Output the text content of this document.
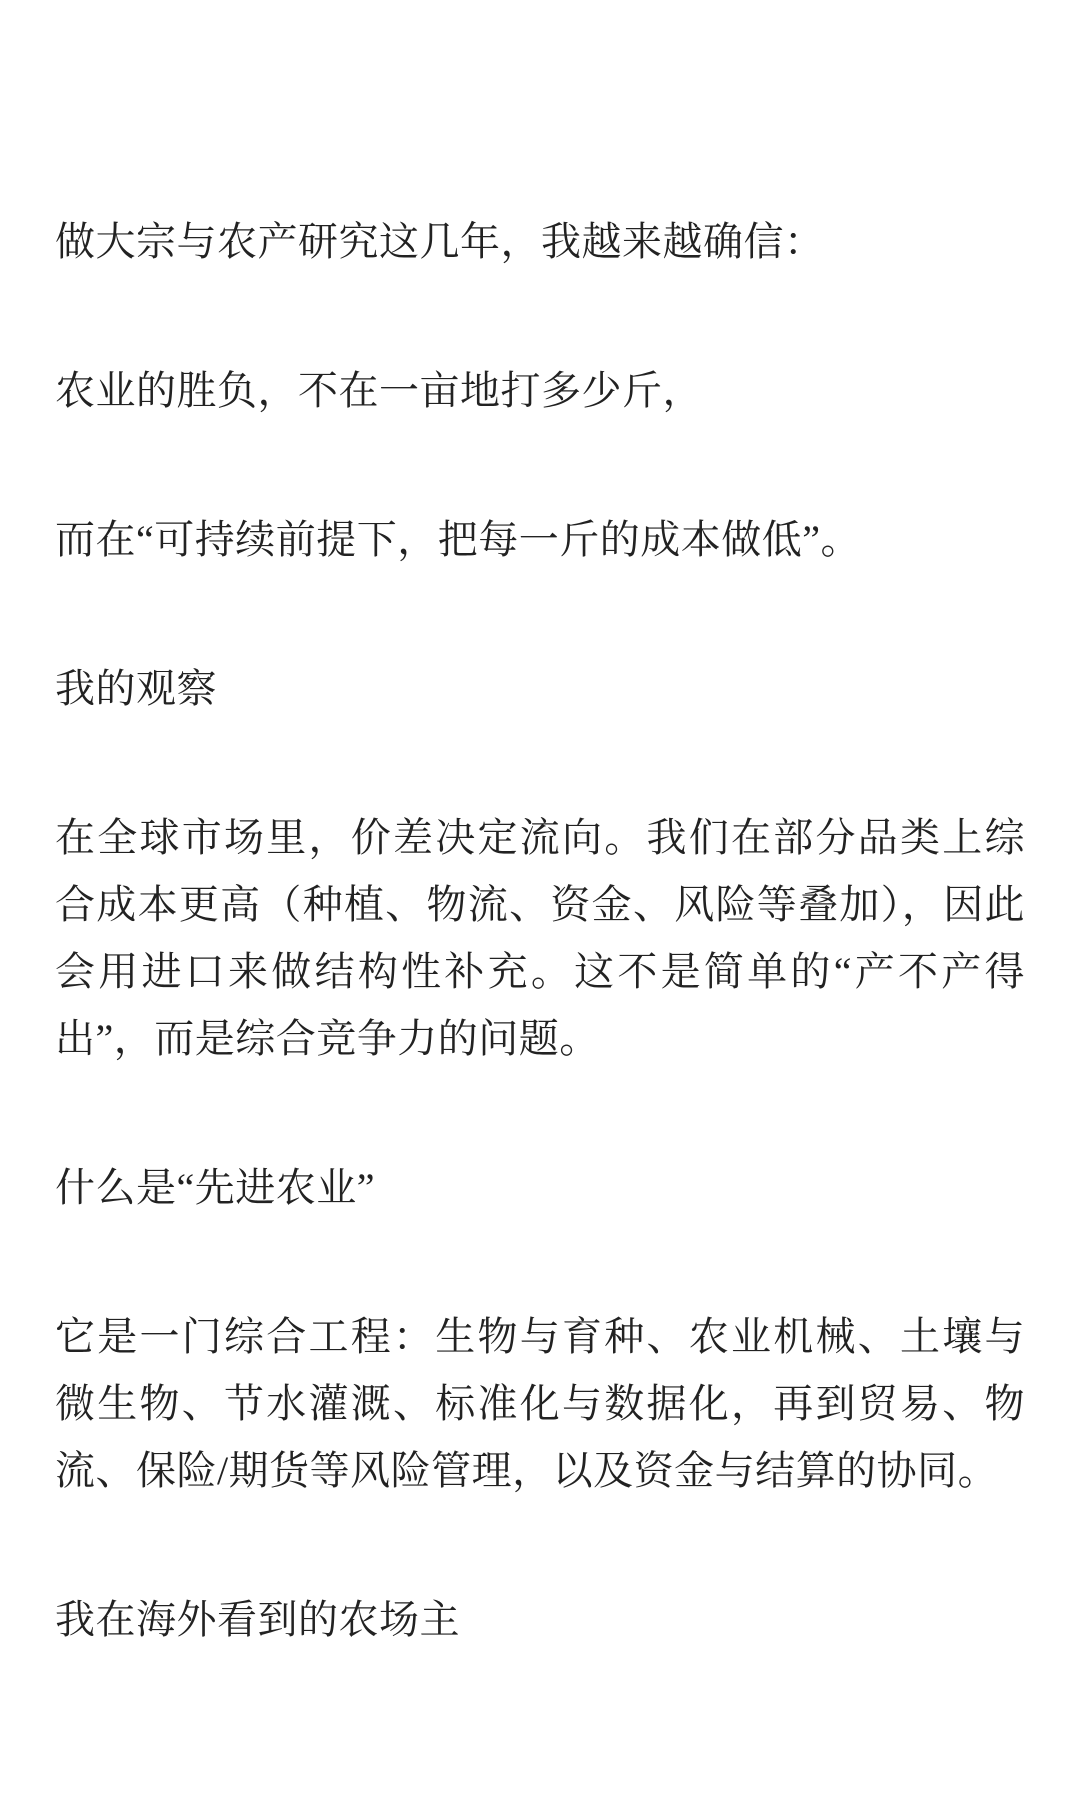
做大宗与农产研究这几年，我越来越确信：

农业的胜负，不在一亩地打多少斤，

而在“可持续前提下，把每一斤的成本做低”。

我的观察

在全球市场里，价差决定流向。我们在部分品类上综合成本更高（种植、物流、资金、风险等叠加），因此会用进口来做结构性补充。这不是简单的“产不产得出”，而是综合竞争力的问题。

什么是“先进农业”

它是一门综合工程：生物与育种、农业机械、土壤与微生物、节水灌溉、标准化与数据化，再到贸易、物流、保险/期货等风险管理，以及资金与结算的协同。

我在海外看到的农场主
